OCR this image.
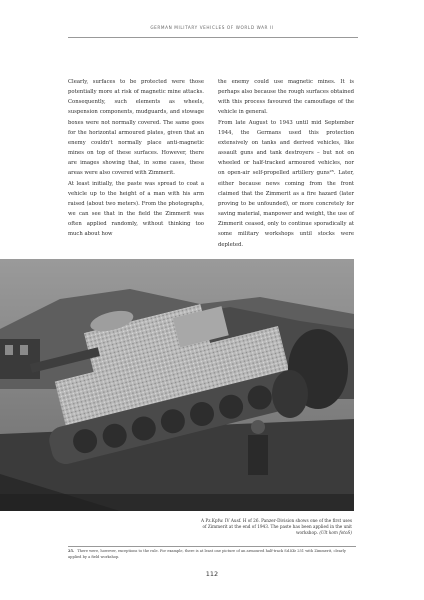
GERMAN MILITARY VEHICLES OF WORLD WAR II

Clearly, surfaces to be protected were those potentially more at risk of magnetic mine attacks. Consequently, such elements as wheels, suspension components, mudguards, and stowage boxes were not normally covered. The same goes for the horizontal armoured plates, given that an enemy couldn't normally place anti-magnetic mines on top of these surfaces. However, there are images showing that, in some cases, these areas were also covered with Zimmerit.

At least initially, the paste was spread to coat a vehicle up to the height of a man with his arm raised (about two meters). From the photographs, we can see that in the field the Zimmerit was often applied randomly, without thinking too much about how

the enemy could use magnetic mines. It is perhaps also because the rough surfaces obtained with this process favoured the camouflage of the vehicle in general.

From late August to 1943 until mid September 1944, the Germans used this protection extensively on tanks and derived vehicles, like assault guns and tank destroyers – but not on wheeled or half-tracked armoured vehicles, nor on open-air self-propelled artillery guns²⁵. Later, either because news coming from the front claimed that the Zimmerit as a fire hazard (later proving to be unfounded), or more concretely for saving material, manpower and weight, the use of Zimmerit ceased, only to continue sporadically at some military workshops until stocks were depleted.

A Pz.Kpfw. IV Ausf. H of 26. Panzer-Division shows one of the first uses of Zimmerit at the end of 1943. The paste has been applied in the unit workshop. (Ult kom fotoS)
25. There were, however, exceptions to the rule. For example, there is at least one picture of an armoured half-track Sd.Kfz 251 with Zimmerit, clearly applied by a field workshop.
112
